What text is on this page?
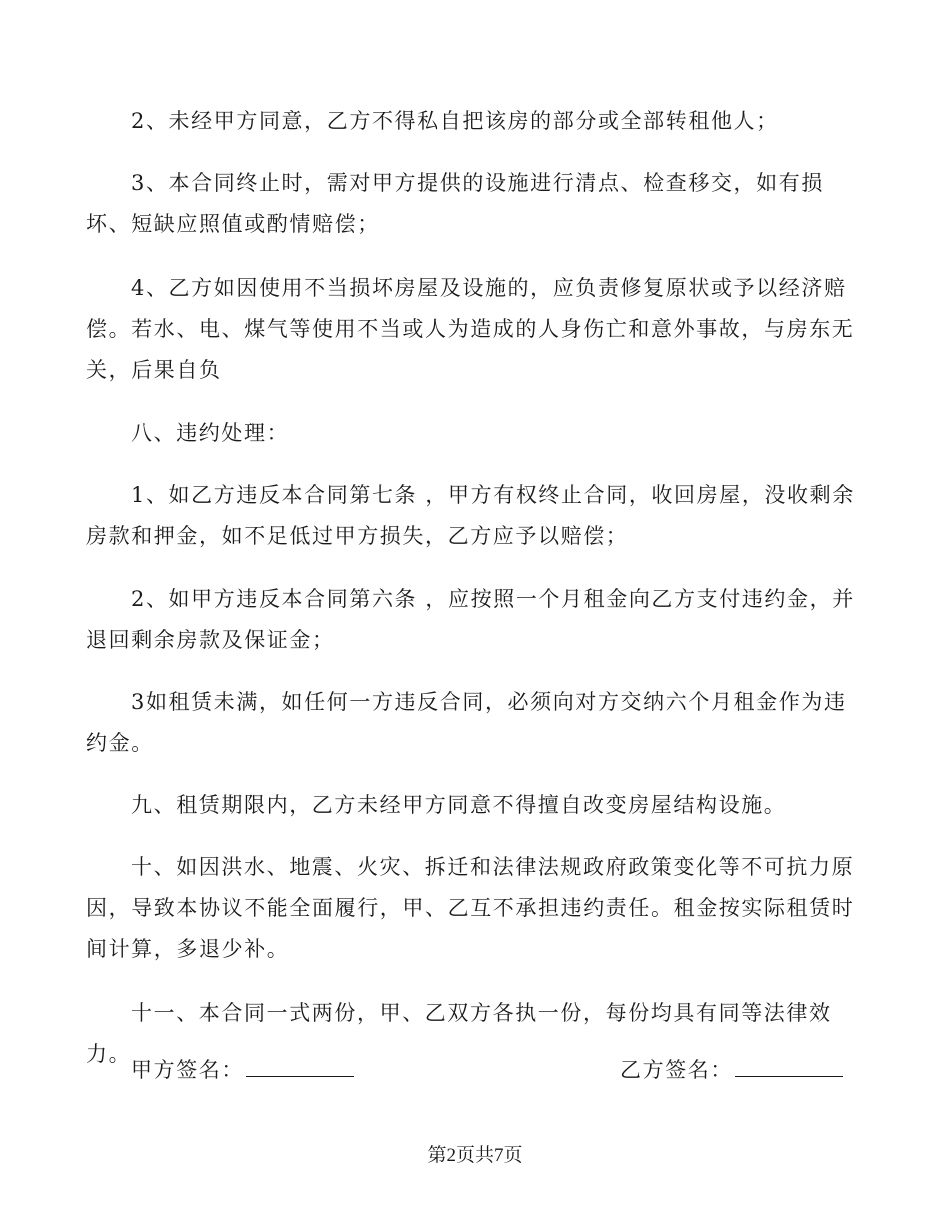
2、未经甲方同意，乙方不得私自把该房的部分或全部转租他人；

3、本合同终止时，需对甲方提供的设施进行清点、检查移交，如有损坏、短缺应照值或酌情赔偿；

4、乙方如因使用不当损坏房屋及设施的，应负责修复原状或予以经济赔偿。若水、电、煤气等使用不当或人为造成的人身伤亡和意外事故，与房东无关，后果自负

八、违约处理：

1、如乙方违反本合同第七条 ，甲方有权终止合同，收回房屋，没收剩余房款和押金，如不足低过甲方损失，乙方应予以赔偿；

2、如甲方违反本合同第六条 ，应按照一个月租金向乙方支付违约金，并退回剩余房款及保证金；

3如租赁未满，如任何一方违反合同，必须向对方交纳六个月租金作为违约金。

九、租赁期限内，乙方未经甲方同意不得擅自改变房屋结构设施。

十、如因洪水、地震、火灾、拆迁和法律法规政府政策变化等不可抗力原因，导致本协议不能全面履行，甲、乙互不承担违约责任。租金按实际租赁时间计算，多退少补。

十一、本合同一式两份，甲、乙双方各执一份，每份均具有同等法律效力。

甲方签名：	乙方签名：
第2页共7页
